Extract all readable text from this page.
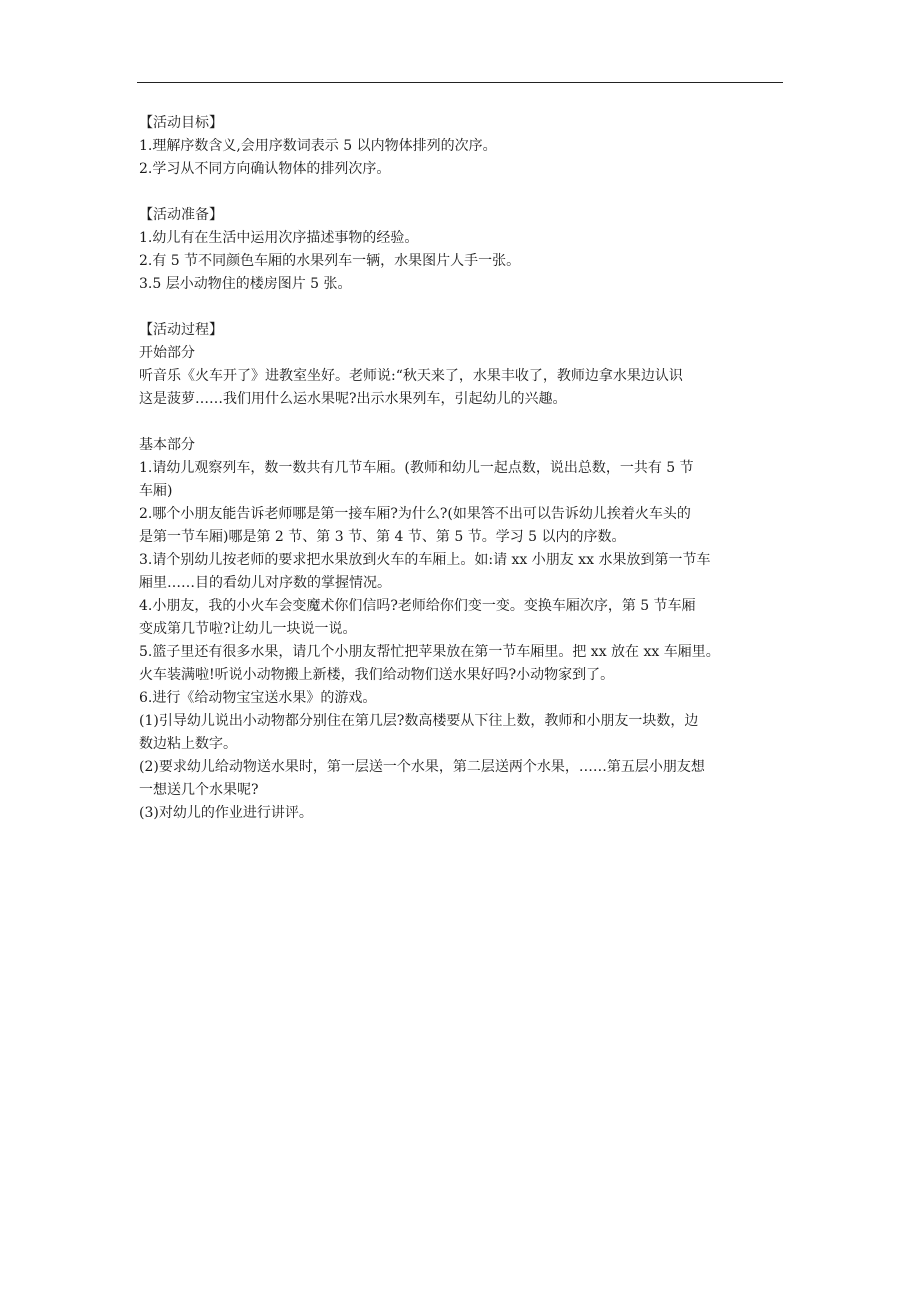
【活动目标】
1.理解序数含义,会用序数词表示 5 以内物体排列的次序。
2.学习从不同方向确认物体的排列次序。
【活动准备】
1.幼儿有在生活中运用次序描述事物的经验。
2.有 5 节不同颜色车厢的水果列车一辆，水果图片人手一张。
3.5 层小动物住的楼房图片 5 张。
【活动过程】
开始部分
听音乐《火车开了》进教室坐好。老师说:“秋天来了，水果丰收了，教师边拿水果边认识
这是菠萝……我们用什么运水果呢?出示水果列车，引起幼儿的兴趣。
基本部分
1.请幼儿观察列车，数一数共有几节车厢。(教师和幼儿一起点数，说出总数，一共有 5 节
车厢)
2.哪个小朋友能告诉老师哪是第一接车厢?为什么?(如果答不出可以告诉幼儿挨着火车头的
是第一节车厢)哪是第 2 节、第 3 节、第 4 节、第 5 节。学习 5 以内的序数。
3.请个别幼儿按老师的要求把水果放到火车的车厢上。如:请 xx 小朋友 xx 水果放到第一节车
厢里……目的看幼儿对序数的掌握情况。
4.小朋友，我的小火车会变魔术你们信吗?老师给你们变一变。变换车厢次序，第 5 节车厢
变成第几节啦?让幼儿一块说一说。
5.篮子里还有很多水果，请几个小朋友帮忙把苹果放在第一节车厢里。把 xx 放在 xx 车厢里。
火车装满啦!听说小动物搬上新楼，我们给动物们送水果好吗?小动物家到了。
6.进行《给动物宝宝送水果》的游戏。
(1)引导幼儿说出小动物都分别住在第几层?数高楼要从下往上数，教师和小朋友一块数，边
数边粘上数字。
(2)要求幼儿给动物送水果时，第一层送一个水果，第二层送两个水果，……第五层小朋友想
一想送几个水果呢?
(3)对幼儿的作业进行讲评。
